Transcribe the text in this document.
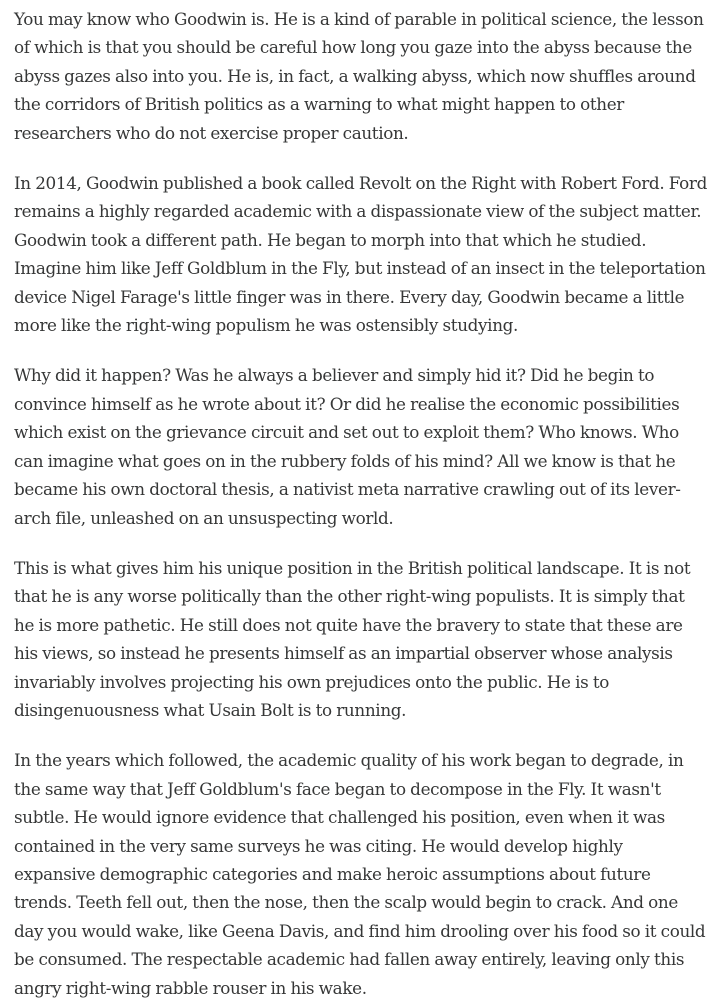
You may know who Goodwin is. He is a kind of parable in political science, the lesson of which is that you should be careful how long you gaze into the abyss because the abyss gazes also into you. He is, in fact, a walking abyss, which now shuffles around the corridors of British politics as a warning to what might happen to other researchers who do not exercise proper caution.

In 2014, Goodwin published a book called Revolt on the Right with Robert Ford. Ford remains a highly regarded academic with a dispassionate view of the subject matter. Goodwin took a different path. He began to morph into that which he studied. Imagine him like Jeff Goldblum in the Fly, but instead of an insect in the teleportation device Nigel Farage's little finger was in there. Every day, Goodwin became a little more like the right-wing populism he was ostensibly studying.

Why did it happen? Was he always a believer and simply hid it? Did he begin to convince himself as he wrote about it? Or did he realise the economic possibilities which exist on the grievance circuit and set out to exploit them? Who knows. Who can imagine what goes on in the rubbery folds of his mind? All we know is that he became his own doctoral thesis, a nativist meta narrative crawling out of its lever-arch file, unleashed on an unsuspecting world.

This is what gives him his unique position in the British political landscape. It is not that he is any worse politically than the other right-wing populists. It is simply that he is more pathetic. He still does not quite have the bravery to state that these are his views, so instead he presents himself as an impartial observer whose analysis invariably involves projecting his own prejudices onto the public. He is to disingenuousness what Usain Bolt is to running.

In the years which followed, the academic quality of his work began to degrade, in the same way that Jeff Goldblum's face began to decompose in the Fly. It wasn't subtle. He would ignore evidence that challenged his position, even when it was contained in the very same surveys he was citing. He would develop highly expansive demographic categories and make heroic assumptions about future trends. Teeth fell out, then the nose, then the scalp would begin to crack. And one day you would wake, like Geena Davis, and find him drooling over his food so it could be consumed. The respectable academic had fallen away entirely, leaving only this angry right-wing rabble rouser in his wake.
